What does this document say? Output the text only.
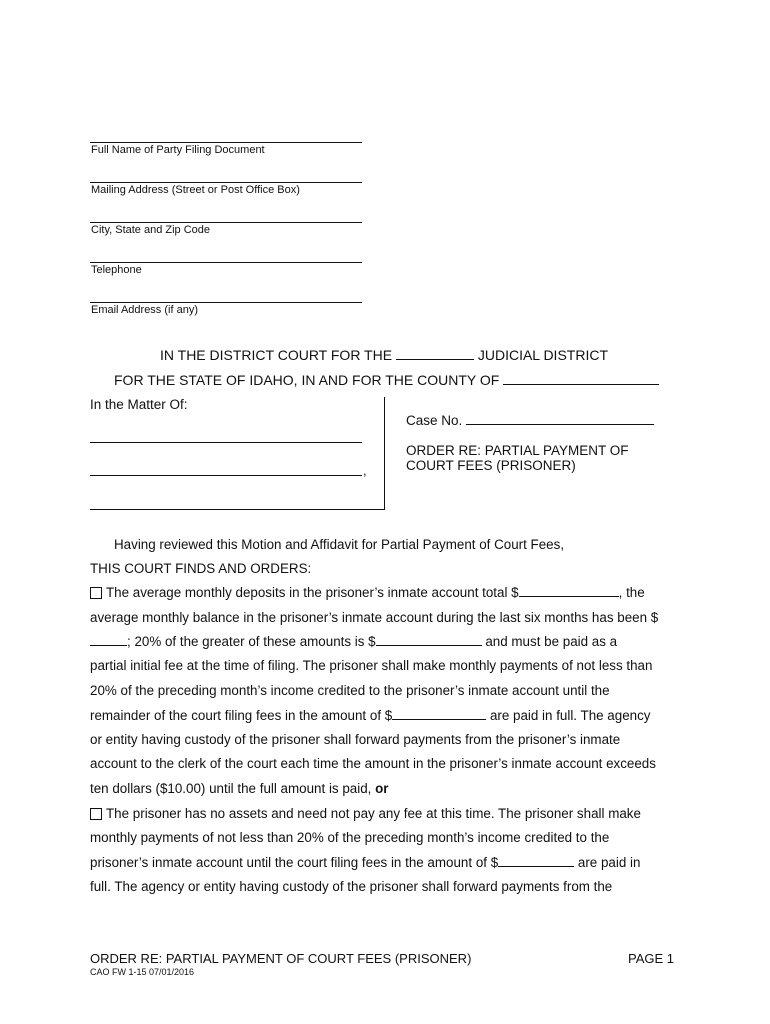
Full Name of Party Filing Document
Mailing Address (Street or Post Office Box)
City, State and Zip Code
Telephone
Email Address (if any)
IN THE DISTRICT COURT FOR THE	JUDICIAL DISTRICT
FOR THE STATE OF IDAHO, IN AND FOR THE COUNTY OF
In the Matter Of:
,
Case No.
ORDER RE: PARTIAL PAYMENT OF
COURT FEES (PRISONER)
Having reviewed this Motion and Affidavit for Partial Payment of Court Fees,
THIS COURT FINDS AND ORDERS:
The average monthly deposits in the prisoner’s inmate account total $	, the
average monthly balance in the prisoner’s inmate account during the last six months has been $
; 20% of the greater of these amounts is $	and must be paid as a
partial initial fee at the time of filing. The prisoner shall make monthly payments of not less than
20% of the preceding month’s income credited to the prisoner’s inmate account until the
remainder of the court filing fees in the amount of $	are paid in full. The agency
or entity having custody of the prisoner shall forward payments from the prisoner’s inmate
account to the clerk of the court each time the amount in the prisoner’s inmate account exceeds
ten dollars ($10.00) until the full amount is paid, or
The prisoner has no assets and need not pay any fee at this time. The prisoner shall make
monthly payments of not less than 20% of the preceding month’s income credited to the
prisoner’s inmate account until the court filing fees in the amount of $	are paid in
full. The agency or entity having custody of the prisoner shall forward payments from the
ORDER RE: PARTIAL PAYMENT OF COURT FEES (PRISONER)	PAGE 1
CAO FW 1-15 07/01/2016
